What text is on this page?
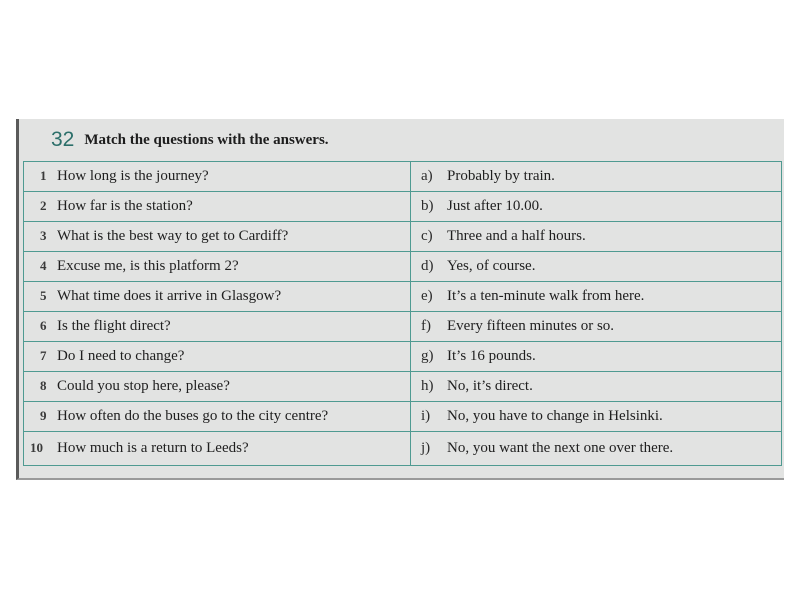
32 Match the questions with the answers.
1 How long is the journey?	a) Probably by train.
2 How far is the station?	b) Just after 10.00.
3 What is the best way to get to Cardiff?	c) Three and a half hours.
4 Excuse me, is this platform 2?	d) Yes, of course.
5 What time does it arrive in Glasgow?	e) It’s a ten-minute walk from here.
6 Is the flight direct?	f) Every fifteen minutes or so.
7 Do I need to change?	g) It’s 16 pounds.
8 Could you stop here, please?	h) No, it’s direct.
9 How often do the buses go to the city centre?	i) No, you have to change in Helsinki.
10 How much is a return to Leeds?	j) No, you want the next one over there.
